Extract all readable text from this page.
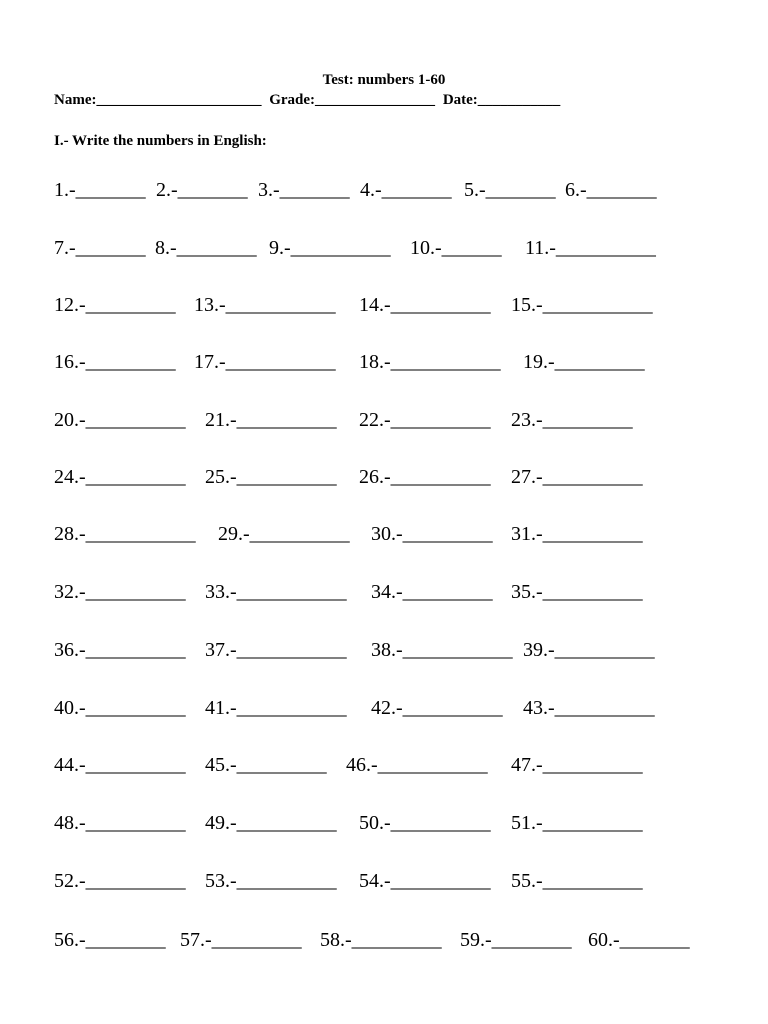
Test: numbers 1-60
Name:______________________ Grade:________________ Date:___________
I.- Write the numbers in English:
1.-_______ 2.-_______ 3.-_______ 4.-_______ 5.-_______ 6.-_______
7.-_______ 8.-________ 9.-__________ 10.-______ 11.-__________
12.-_________ 13.-___________ 14.-__________ 15.-___________
16.-_________ 17.-___________ 18.-___________ 19.-_________
20.-__________ 21.-__________ 22.-__________ 23.-_________
24.-__________ 25.-__________ 26.-__________ 27.-__________
28.-___________ 29.-__________ 30.-_________ 31.-__________
32.-__________ 33.-___________ 34.-_________ 35.-__________
36.-__________ 37.-___________ 38.-___________ 39.-__________
40.-__________ 41.-___________ 42.-__________ 43.-__________
44.-__________ 45.-_________ 46.-___________ 47.-__________
48.-__________ 49.-__________ 50.-__________ 51.-__________
52.-__________ 53.-__________ 54.-__________ 55.-__________
56.-________ 57.-_________ 58.-_________ 59.-________ 60.-_______
